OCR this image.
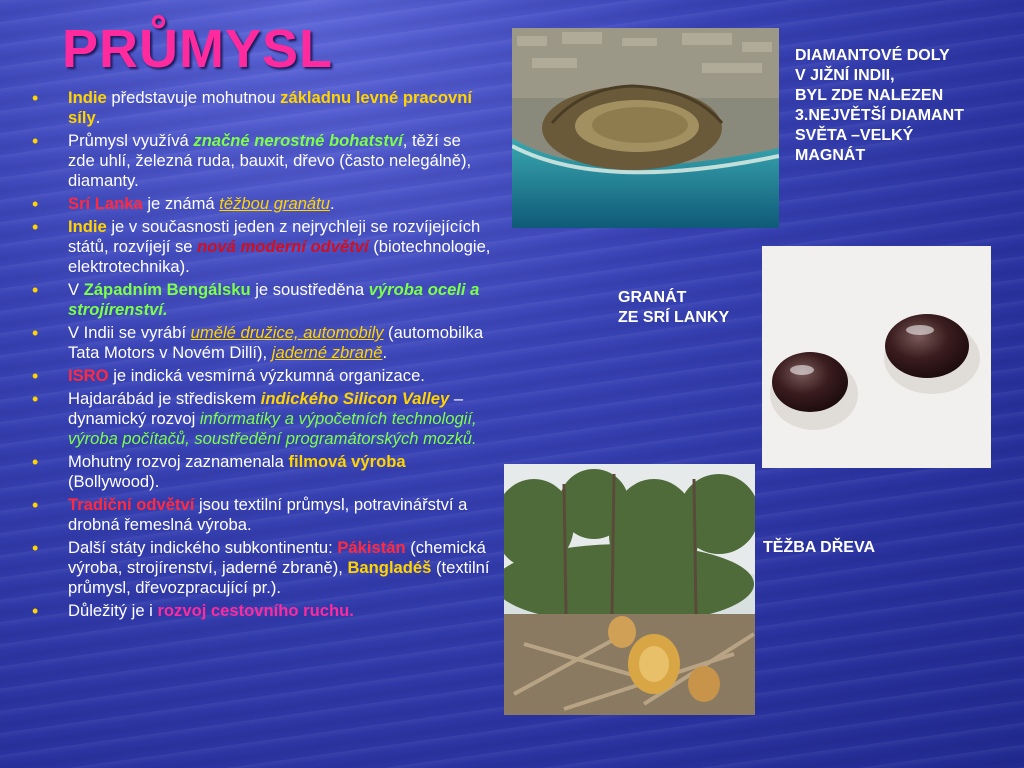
PRŮMYSL
• Indie představuje mohutnou základnu levné pracovní síly.
• Průmysl využívá značné nerostné bohatství, těží se zde uhlí, železná ruda, bauxit, dřevo (často nelegálně), diamanty.
• Srí Lanka je známá těžbou granátu.
• Indie je v současnosti jeden z nejrychleji se rozvíjejících států, rozvíjejí se nová moderní odvětví (biotechnologie, elektrotechnika).
• V Západním Bengálsku je soustředěna výroba oceli a strojírenství.
• V Indii se vyrábí umělé družice, automobily (automobilka Tata Motors v Novém Dillí), jaderné zbraně.
• ISRO je indická vesmírná výzkumná organizace.
• Hajdarábád je střediskem indického Silicon Valley – dynamický rozvoj informatiky a výpočetních technologií, výroba počítačů, soustředění programátorských mozků.
• Mohutný rozvoj zaznamenala filmová výroba (Bollywood).
• Tradiční odvětví jsou textilní průmysl, potravinářství a drobná řemeslná výroba.
• Další státy indického subkontinentu: Pákistán (chemická výroba, strojírenství, jaderné zbraně), Bangladéš (textilní průmysl, dřevozpracující pr.).
• Důležitý je i rozvoj cestovního ruchu.

DIAMANTOVÉ DOLY
V JIŽNÍ INDII,
BYL ZDE NALEZEN
3.NEJVĚTŠÍ DIAMANT
SVĚTA –VELKÝ
MAGNÁT

GRANÁT
ZE SRÍ LANKY

TĚŽBA DŘEVA
